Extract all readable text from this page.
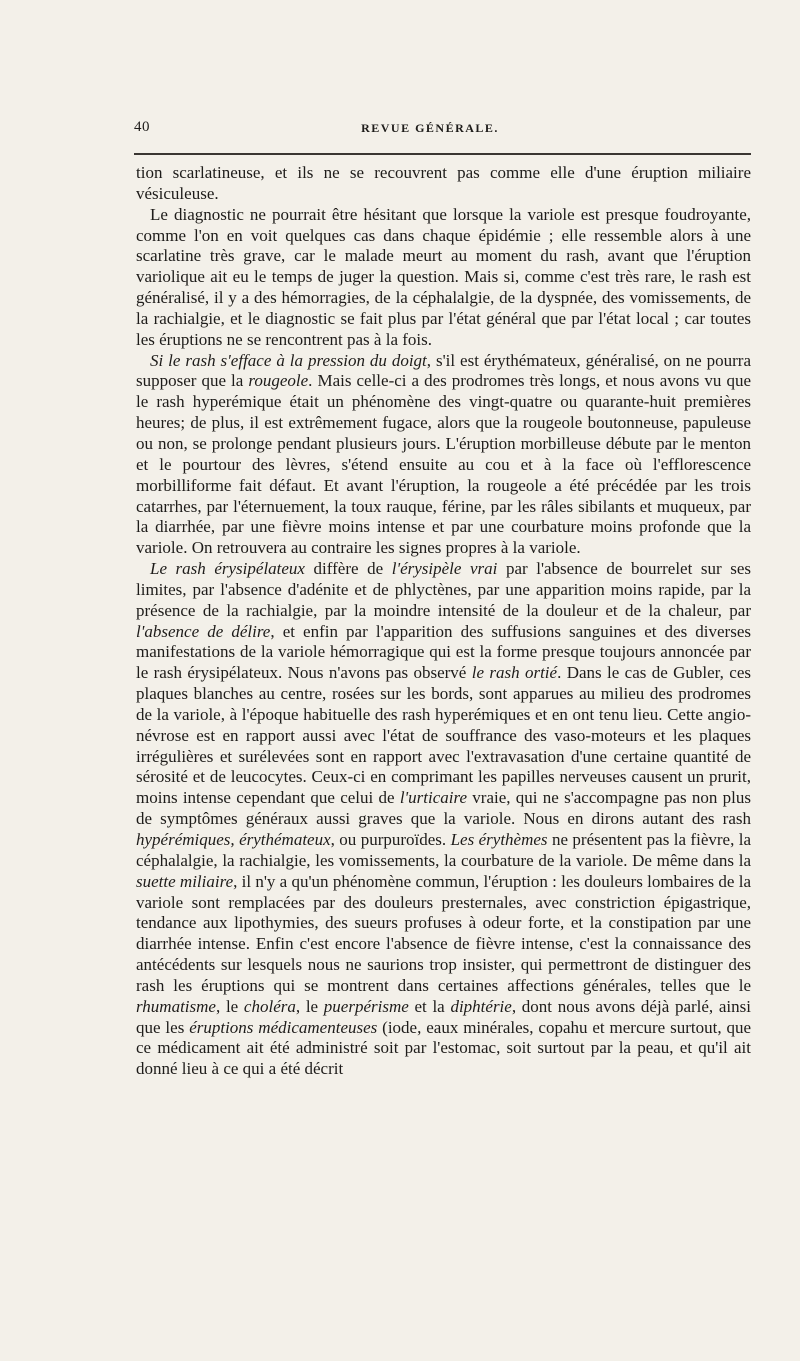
40	REVUE GÉNÉRALE.

tion scarlatineuse, et ils ne se recouvrent pas comme elle d'une éruption miliaire vésiculeuse.

Le diagnostic ne pourrait être hésitant que lorsque la variole est presque foudroyante, comme l'on en voit quelques cas dans chaque épidémie ; elle ressemble alors à une scarlatine très grave, car le malade meurt au moment du rash, avant que l'éruption variolique ait eu le temps de juger la question. Mais si, comme c'est très rare, le rash est généralisé, il y a des hémorragies, de la céphalalgie, de la dyspnée, des vomissements, de la rachialgie, et le diagnostic se fait plus par l'état général que par l'état local ; car toutes les éruptions ne se rencontrent pas à la fois.

Si le rash s'efface à la pression du doigt, s'il est érythémateux, généralisé, on ne pourra supposer que la rougeole. Mais celle-ci a des prodromes très longs, et nous avons vu que le rash hyperémique était un phénomène des vingt-quatre ou quarante-huit premières heures; de plus, il est extrêmement fugace, alors que la rougeole boutonneuse, papuleuse ou non, se prolonge pendant plusieurs jours. L'éruption morbilleuse débute par le menton et le pourtour des lèvres, s'étend ensuite au cou et à la face où l'efflorescence morbilliforme fait défaut. Et avant l'éruption, la rougeole a été précédée par les trois catarrhes, par l'éternuement, la toux rauque, férine, par les râles sibilants et muqueux, par la diarrhée, par une fièvre moins intense et par une courbature moins profonde que la variole. On retrouvera au contraire les signes propres à la variole.

Le rash érysipélateux diffère de l'érysipèle vrai par l'absence de bourrelet sur ses limites, par l'absence d'adénite et de phlyctènes, par une apparition moins rapide, par la présence de la rachialgie, par la moindre intensité de la douleur et de la chaleur, par l'absence de délire, et enfin par l'apparition des suffusions sanguines et des diverses manifestations de la variole hémorragique qui est la forme presque toujours annoncée par le rash érysipélateux. Nous n'avons pas observé le rash ortié. Dans le cas de Gubler, ces plaques blanches au centre, rosées sur les bords, sont apparues au milieu des prodromes de la variole, à l'époque habituelle des rash hyperémiques et en ont tenu lieu. Cette angio-névrose est en rapport aussi avec l'état de souffrance des vaso-moteurs et les plaques irrégulières et surélevées sont en rapport avec l'extravasation d'une certaine quantité de sérosité et de leucocytes. Ceux-ci en comprimant les papilles nerveuses causent un prurit, moins intense cependant que celui de l'urticaire vraie, qui ne s'accompagne pas non plus de symptômes généraux aussi graves que la variole. Nous en dirons autant des rash hypérémiques, érythémateux, ou purpuroïdes. Les érythèmes ne présentent pas la fièvre, la céphalalgie, la rachialgie, les vomissements, la courbature de la variole. De même dans la suette miliaire, il n'y a qu'un phénomène commun, l'éruption : les douleurs lombaires de la variole sont remplacées par des douleurs presternales, avec constriction épigastrique, tendance aux lipothymies, des sueurs profuses à odeur forte, et la constipation par une diarrhée intense. Enfin c'est encore l'absence de fièvre intense, c'est la connaissance des antécédents sur lesquels nous ne saurions trop insister, qui permettront de distinguer des rash les éruptions qui se montrent dans certaines affections générales, telles que le rhumatisme, le choléra, le puerpérisme et la diphtérie, dont nous avons déjà parlé, ainsi que les éruptions médicamenteuses (iode, eaux minérales, copahu et mercure surtout, que ce médicament ait été administré soit par l'estomac, soit surtout par la peau, et qu'il ait donné lieu à ce qui a été décrit
